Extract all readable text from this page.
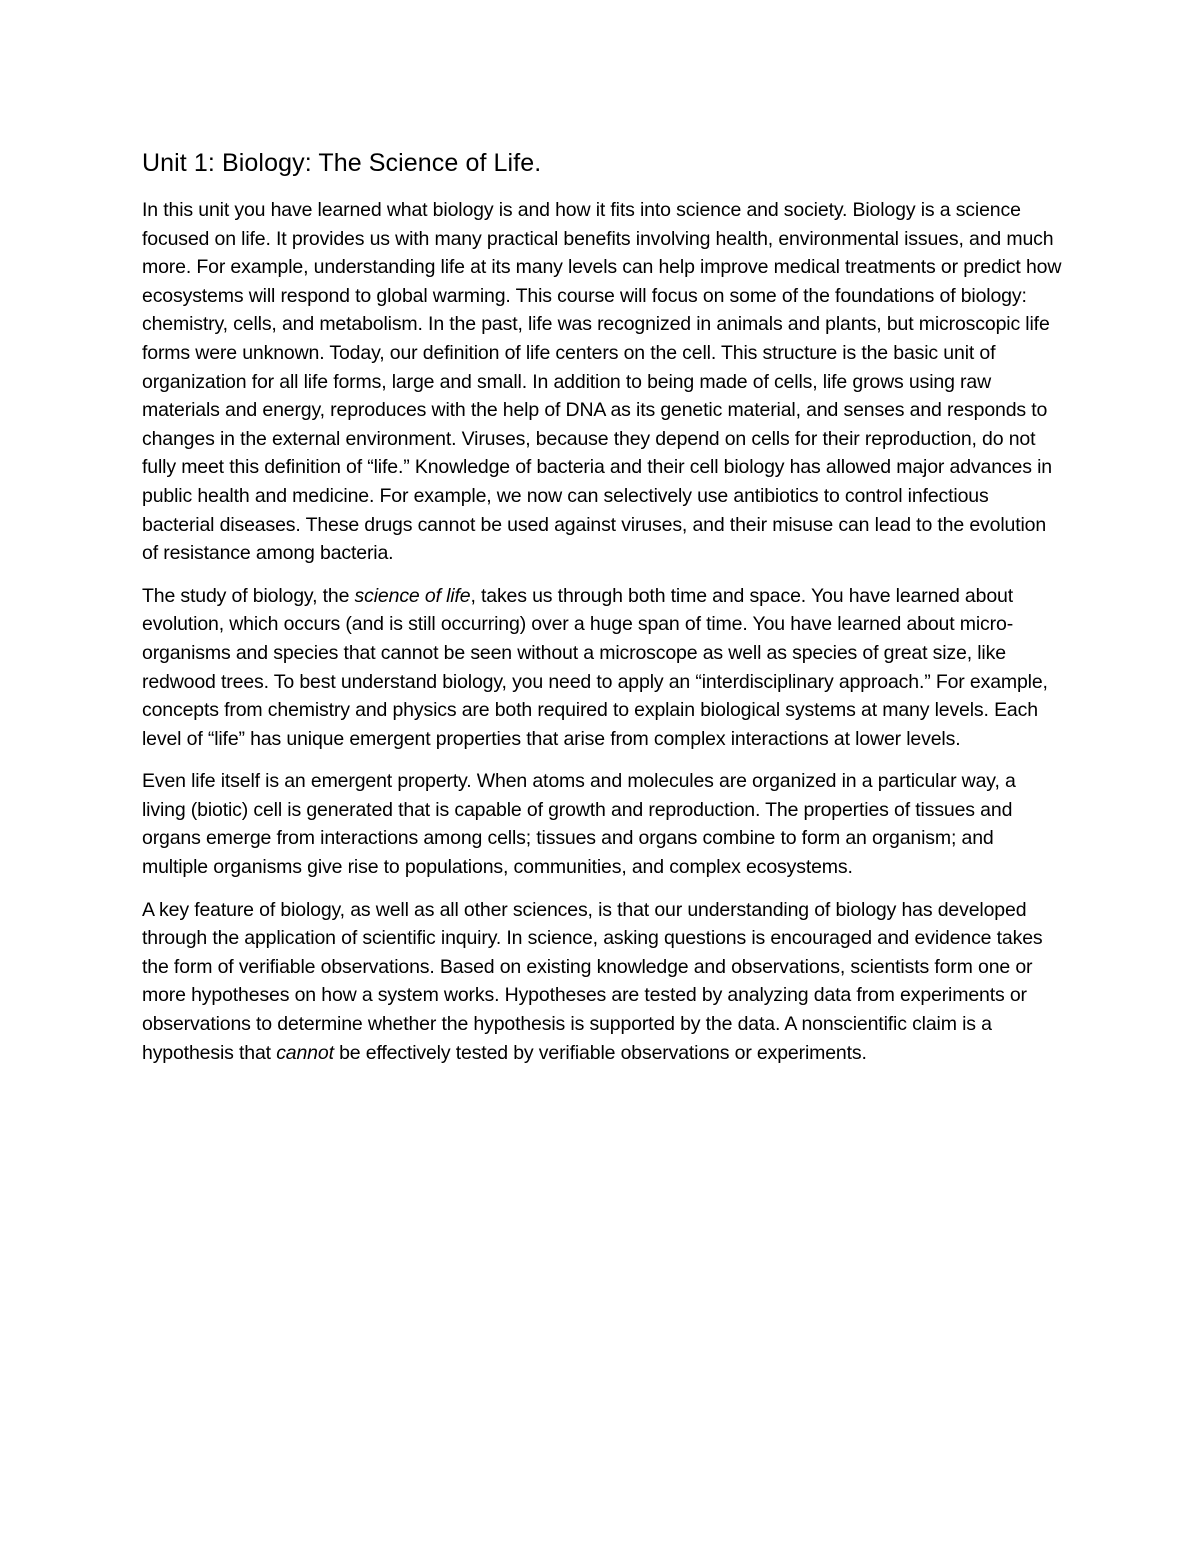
Unit 1: Biology: The Science of Life.

In this unit you have learned what biology is and how it fits into science and society. Biology is a science focused on life. It provides us with many practical benefits involving health, environmental issues, and much more. For example, understanding life at its many levels can help improve medical treatments or predict how ecosystems will respond to global warming. This course will focus on some of the foundations of biology: chemistry, cells, and metabolism. In the past, life was recognized in animals and plants, but microscopic life forms were unknown. Today, our definition of life centers on the cell. This structure is the basic unit of organization for all life forms, large and small. In addition to being made of cells, life grows using raw materials and energy, reproduces with the help of DNA as its genetic material, and senses and responds to changes in the external environment. Viruses, because they depend on cells for their reproduction, do not fully meet this definition of “life.” Knowledge of bacteria and their cell biology has allowed major advances in public health and medicine. For example, we now can selectively use antibiotics to control infectious bacterial diseases. These drugs cannot be used against viruses, and their misuse can lead to the evolution of resistance among bacteria.

The study of biology, the science of life, takes us through both time and space. You have learned about evolution, which occurs (and is still occurring) over a huge span of time. You have learned about micro-organisms and species that cannot be seen without a microscope as well as species of great size, like redwood trees. To best understand biology, you need to apply an “interdisciplinary approach.” For example, concepts from chemistry and physics are both required to explain biological systems at many levels. Each level of “life” has unique emergent properties that arise from complex interactions at lower levels.

Even life itself is an emergent property. When atoms and molecules are organized in a particular way, a living (biotic) cell is generated that is capable of growth and reproduction. The properties of tissues and organs emerge from interactions among cells; tissues and organs combine to form an organism; and multiple organisms give rise to populations, communities, and complex ecosystems.

A key feature of biology, as well as all other sciences, is that our understanding of biology has developed through the application of scientific inquiry. In science, asking questions is encouraged and evidence takes the form of verifiable observations. Based on existing knowledge and observations, scientists form one or more hypotheses on how a system works. Hypotheses are tested by analyzing data from experiments or observations to determine whether the hypothesis is supported by the data. A nonscientific claim is a hypothesis that cannot be effectively tested by verifiable observations or experiments.
